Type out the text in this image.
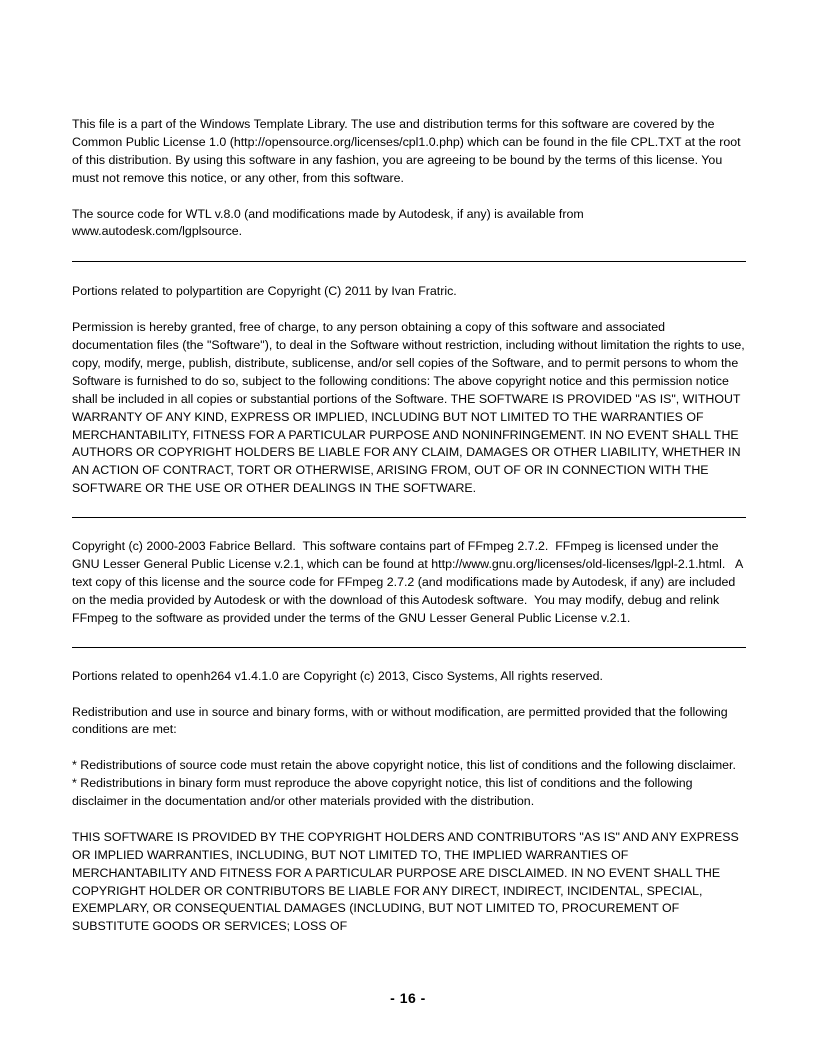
This file is a part of the Windows Template Library. The use and distribution terms for this software are covered by the Common Public License 1.0 (http://opensource.org/licenses/cpl1.0.php) which can be found in the file CPL.TXT at the root of this distribution. By using this software in any fashion, you are agreeing to be bound by the terms of this license. You must not remove this notice, or any other, from this software.

The source code for WTL v.8.0 (and modifications made by Autodesk, if any) is available from www.autodesk.com/lgplsource.

Portions related to polypartition are Copyright (C) 2011 by Ivan Fratric.

Permission is hereby granted, free of charge, to any person obtaining a copy of this software and associated documentation files (the "Software"), to deal in the Software without restriction, including without limitation the rights to use, copy, modify, merge, publish, distribute, sublicense, and/or sell copies of the Software, and to permit persons to whom the Software is furnished to do so, subject to the following conditions: The above copyright notice and this permission notice shall be included in all copies or substantial portions of the Software. THE SOFTWARE IS PROVIDED "AS IS", WITHOUT WARRANTY OF ANY KIND, EXPRESS OR IMPLIED, INCLUDING BUT NOT LIMITED TO THE WARRANTIES OF MERCHANTABILITY, FITNESS FOR A PARTICULAR PURPOSE AND NONINFRINGEMENT. IN NO EVENT SHALL THE AUTHORS OR COPYRIGHT HOLDERS BE LIABLE FOR ANY CLAIM, DAMAGES OR OTHER LIABILITY, WHETHER IN AN ACTION OF CONTRACT, TORT OR OTHERWISE, ARISING FROM, OUT OF OR IN CONNECTION WITH THE SOFTWARE OR THE USE OR OTHER DEALINGS IN THE SOFTWARE.

Copyright (c) 2000-2003 Fabrice Bellard.  This software contains part of FFmpeg 2.7.2.  FFmpeg is licensed under the GNU Lesser General Public License v.2.1, which can be found at http://www.gnu.org/licenses/old-licenses/lgpl-2.1.html.   A text copy of this license and the source code for FFmpeg 2.7.2 (and modifications made by Autodesk, if any) are included on the media provided by Autodesk or with the download of this Autodesk software.  You may modify, debug and relink FFmpeg to the software as provided under the terms of the GNU Lesser General Public License v.2.1.

Portions related to openh264 v1.4.1.0 are Copyright (c) 2013, Cisco Systems, All rights reserved.

Redistribution and use in source and binary forms, with or without modification, are permitted provided that the following conditions are met:

* Redistributions of source code must retain the above copyright notice, this list of conditions and the following disclaimer.
* Redistributions in binary form must reproduce the above copyright notice, this list of conditions and the following disclaimer in the documentation and/or other materials provided with the distribution.

THIS SOFTWARE IS PROVIDED BY THE COPYRIGHT HOLDERS AND CONTRIBUTORS "AS IS" AND ANY EXPRESS OR IMPLIED WARRANTIES, INCLUDING, BUT NOT LIMITED TO, THE IMPLIED WARRANTIES OF MERCHANTABILITY AND FITNESS FOR A PARTICULAR PURPOSE ARE DISCLAIMED. IN NO EVENT SHALL THE COPYRIGHT HOLDER OR CONTRIBUTORS BE LIABLE FOR ANY DIRECT, INDIRECT, INCIDENTAL, SPECIAL, EXEMPLARY, OR CONSEQUENTIAL DAMAGES (INCLUDING, BUT NOT LIMITED TO, PROCUREMENT OF SUBSTITUTE GOODS OR SERVICES; LOSS OF

- 16 -
